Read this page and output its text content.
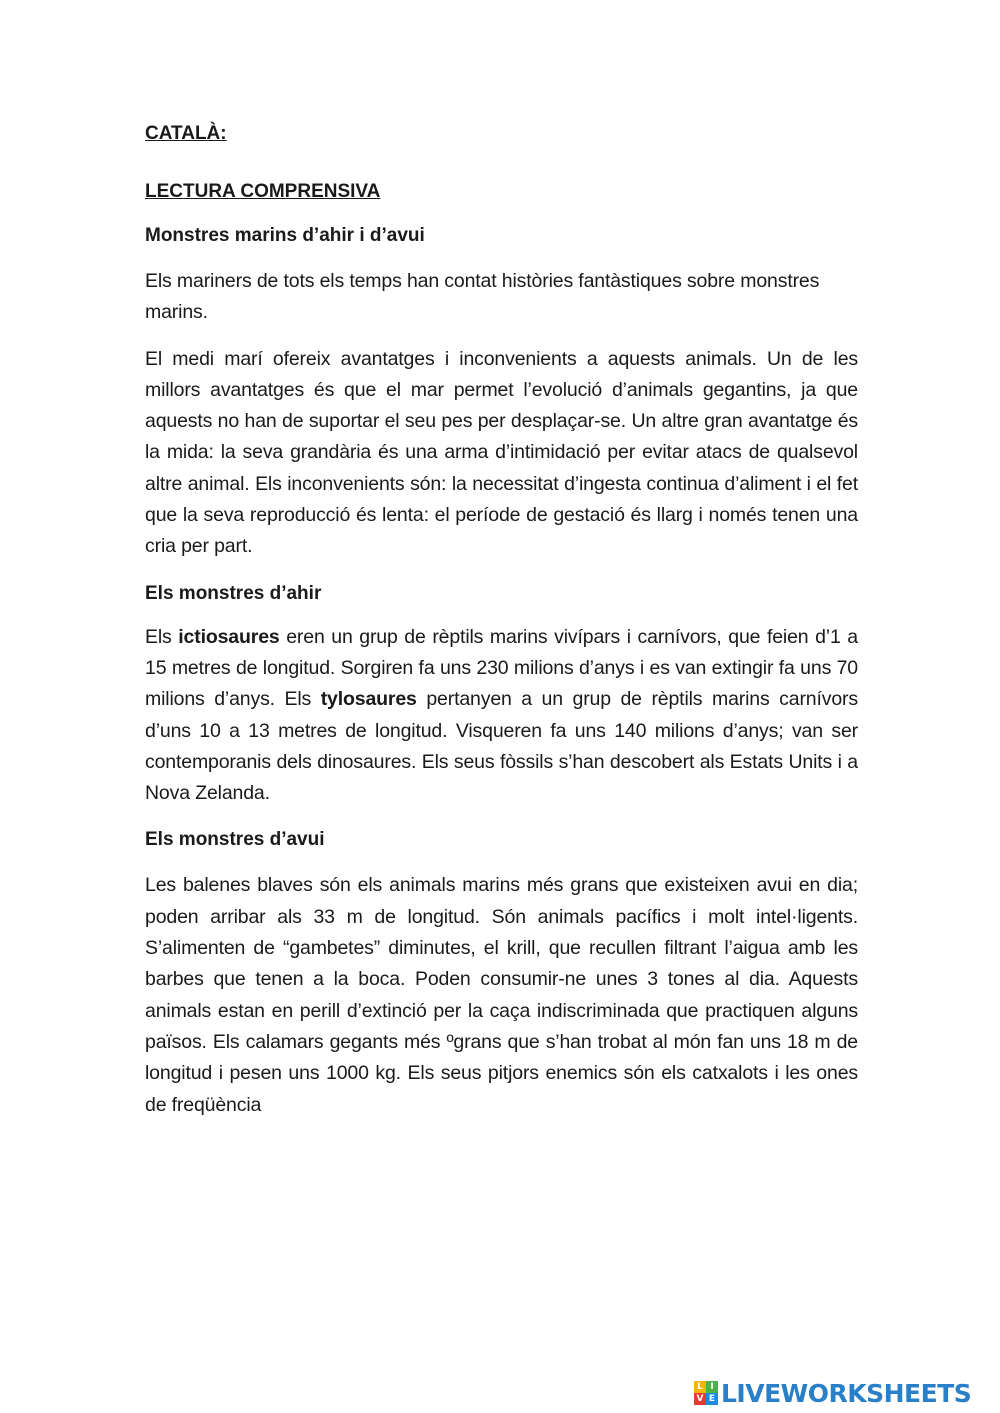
CATALÀ:

LECTURA COMPRENSIVA

Monstres marins d’ahir i d’avui

Els mariners de tots els temps han contat històries fantàstiques sobre monstres marins.

El medi marí ofereix avantatges i inconvenients a aquests animals. Un de les millors avantatges és que el mar permet l’evolució d’animals gegantins, ja que aquests no han de suportar el seu pes per desplaçar-se. Un altre gran avantatge és la mida: la seva grandària és una arma d’intimidació per evitar atacs de qualsevol altre animal. Els inconvenients són: la necessitat d’ingesta continua d’aliment i el fet que la seva reproducció és lenta: el període de gestació és llarg i només tenen una cria per part.

Els monstres d’ahir

Els ictiosaures eren un grup de rèptils marins vivípars i carnívors, que feien d’1 a 15 metres de longitud. Sorgiren fa uns 230 milions d’anys i es van extingir fa uns 70 milions d’anys. Els tylosaures pertanyen a un grup de rèptils marins carnívors d’uns 10 a 13 metres de longitud. Visqueren fa uns 140 milions d’anys; van ser contemporanis dels dinosaures. Els seus fòssils s’han descobert als Estats Units i a Nova Zelanda.

Els monstres d’avui

Les balenes blaves són els animals marins més grans que existeixen avui en dia; poden arribar als 33 m de longitud. Són animals pacífics i molt intel·ligents. S’alimenten de “gambetes” diminutes, el krill, que recullen filtrant l’aigua amb les barbes que tenen a la boca. Poden consumir-ne unes 3 tones al dia. Aquests animals estan en perill d’extinció per la caça indiscriminada que practiquen alguns països. Els calamars gegants més ºgrans que s’han trobat al món fan uns 18 m de longitud i pesen uns 1000 kg. Els seus pitjors enemics són els catxalots i les ones de freqüència

L I
V E LIVEWORKSHEETS
